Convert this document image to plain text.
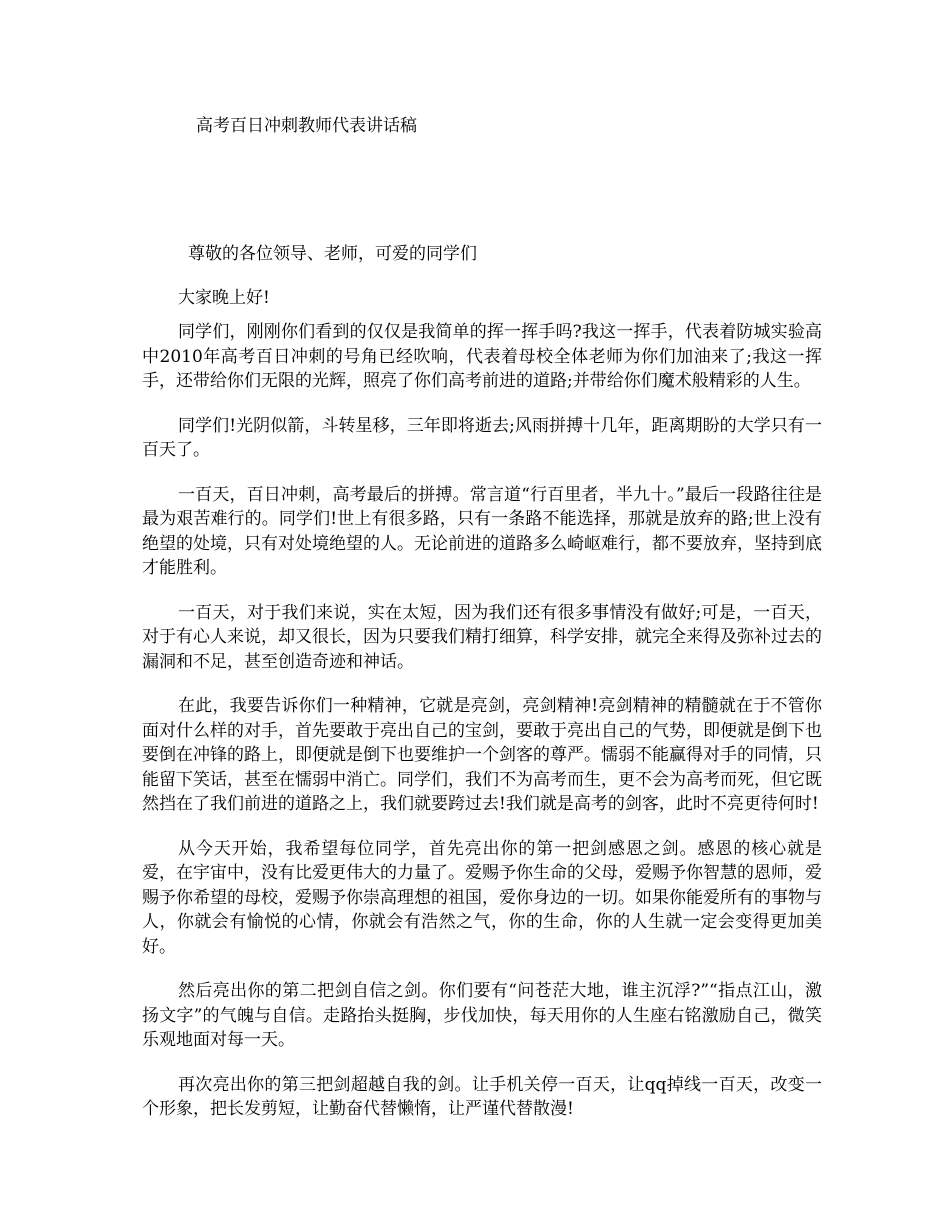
高考百日冲刺教师代表讲话稿
尊敬的各位领导、老师，可爱的同学们
大家晚上好!

同学们，刚刚你们看到的仅仅是我简单的挥一挥手吗?我这一挥手，代表着防城实验高中2010年高考百日冲刺的号角已经吹响，代表着母校全体老师为你们加油来了;我这一挥手，还带给你们无限的光辉，照亮了你们高考前进的道路;并带给你们魔术般精彩的人生。

同学们!光阴似箭，斗转星移，三年即将逝去;风雨拼搏十几年，距离期盼的大学只有一百天了。

一百天，百日冲刺，高考最后的拼搏。常言道“行百里者，半九十。”最后一段路往往是最为艰苦难行的。同学们!世上有很多路，只有一条路不能选择，那就是放弃的路;世上没有绝望的处境，只有对处境绝望的人。无论前进的道路多么崎岖难行，都不要放弃，坚持到底才能胜利。

一百天，对于我们来说，实在太短，因为我们还有很多事情没有做好;可是，一百天，对于有心人来说，却又很长，因为只要我们精打细算，科学安排，就完全来得及弥补过去的漏洞和不足，甚至创造奇迹和神话。

在此，我要告诉你们一种精神，它就是亮剑，亮剑精神!亮剑精神的精髓就在于不管你面对什么样的对手，首先要敢于亮出自己的宝剑，要敢于亮出自己的气势，即便就是倒下也要倒在冲锋的路上，即便就是倒下也要维护一个剑客的尊严。懦弱不能赢得对手的同情，只能留下笑话，甚至在懦弱中消亡。同学们，我们不为高考而生，更不会为高考而死，但它既然挡在了我们前进的道路之上，我们就要跨过去!我们就是高考的剑客，此时不亮更待何时!

从今天开始，我希望每位同学，首先亮出你的第一把剑感恩之剑。感恩的核心就是爱，在宇宙中，没有比爱更伟大的力量了。爱赐予你生命的父母，爱赐予你智慧的恩师，爱赐予你希望的母校，爱赐予你崇高理想的祖国，爱你身边的一切。如果你能爱所有的事物与人，你就会有愉悦的心情，你就会有浩然之气，你的生命，你的人生就一定会变得更加美好。

然后亮出你的第二把剑自信之剑。你们要有“问苍茫大地，谁主沉浮?”“指点江山，激扬文字”的气魄与自信。走路抬头挺胸，步伐加快，每天用你的人生座右铭激励自己，微笑乐观地面对每一天。

再次亮出你的第三把剑超越自我的剑。让手机关停一百天，让qq掉线一百天，改变一个形象，把长发剪短，让勤奋代替懒惰，让严谨代替散漫!
